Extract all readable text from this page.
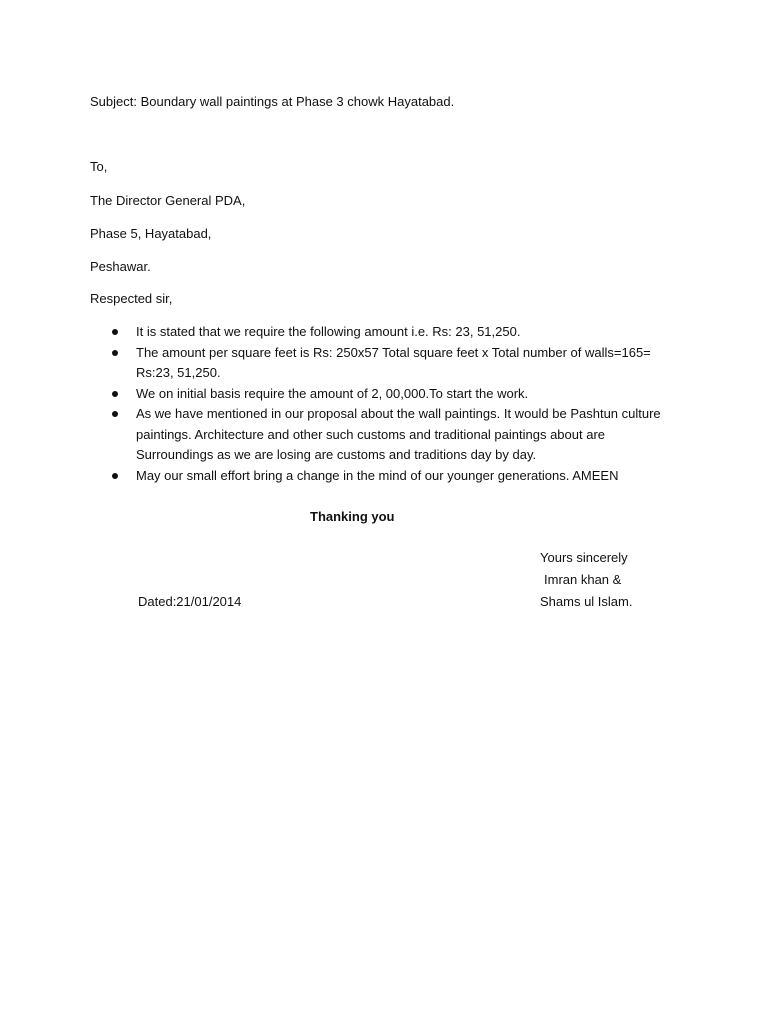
Subject: Boundary wall paintings at Phase 3 chowk Hayatabad.
To,
The Director General PDA,
Phase 5, Hayatabad,
Peshawar.
Respected sir,
It is stated that we require the following amount i.e. Rs: 23, 51,250.
The amount per square feet is Rs: 250x57 Total square feet x Total number of walls=165= Rs:23, 51,250.
We on initial basis require the amount of 2, 00,000.To start the work.
As we have mentioned in our proposal about the wall paintings. It would be Pashtun culture paintings. Architecture and other such customs and traditional paintings about are Surroundings as we are losing are customs and traditions day by day.
May our small effort bring a change in the mind of our younger generations. AMEEN
Thanking you
Yours sincerely
Imran khan &
Shams ul Islam.
Dated:21/01/2014
